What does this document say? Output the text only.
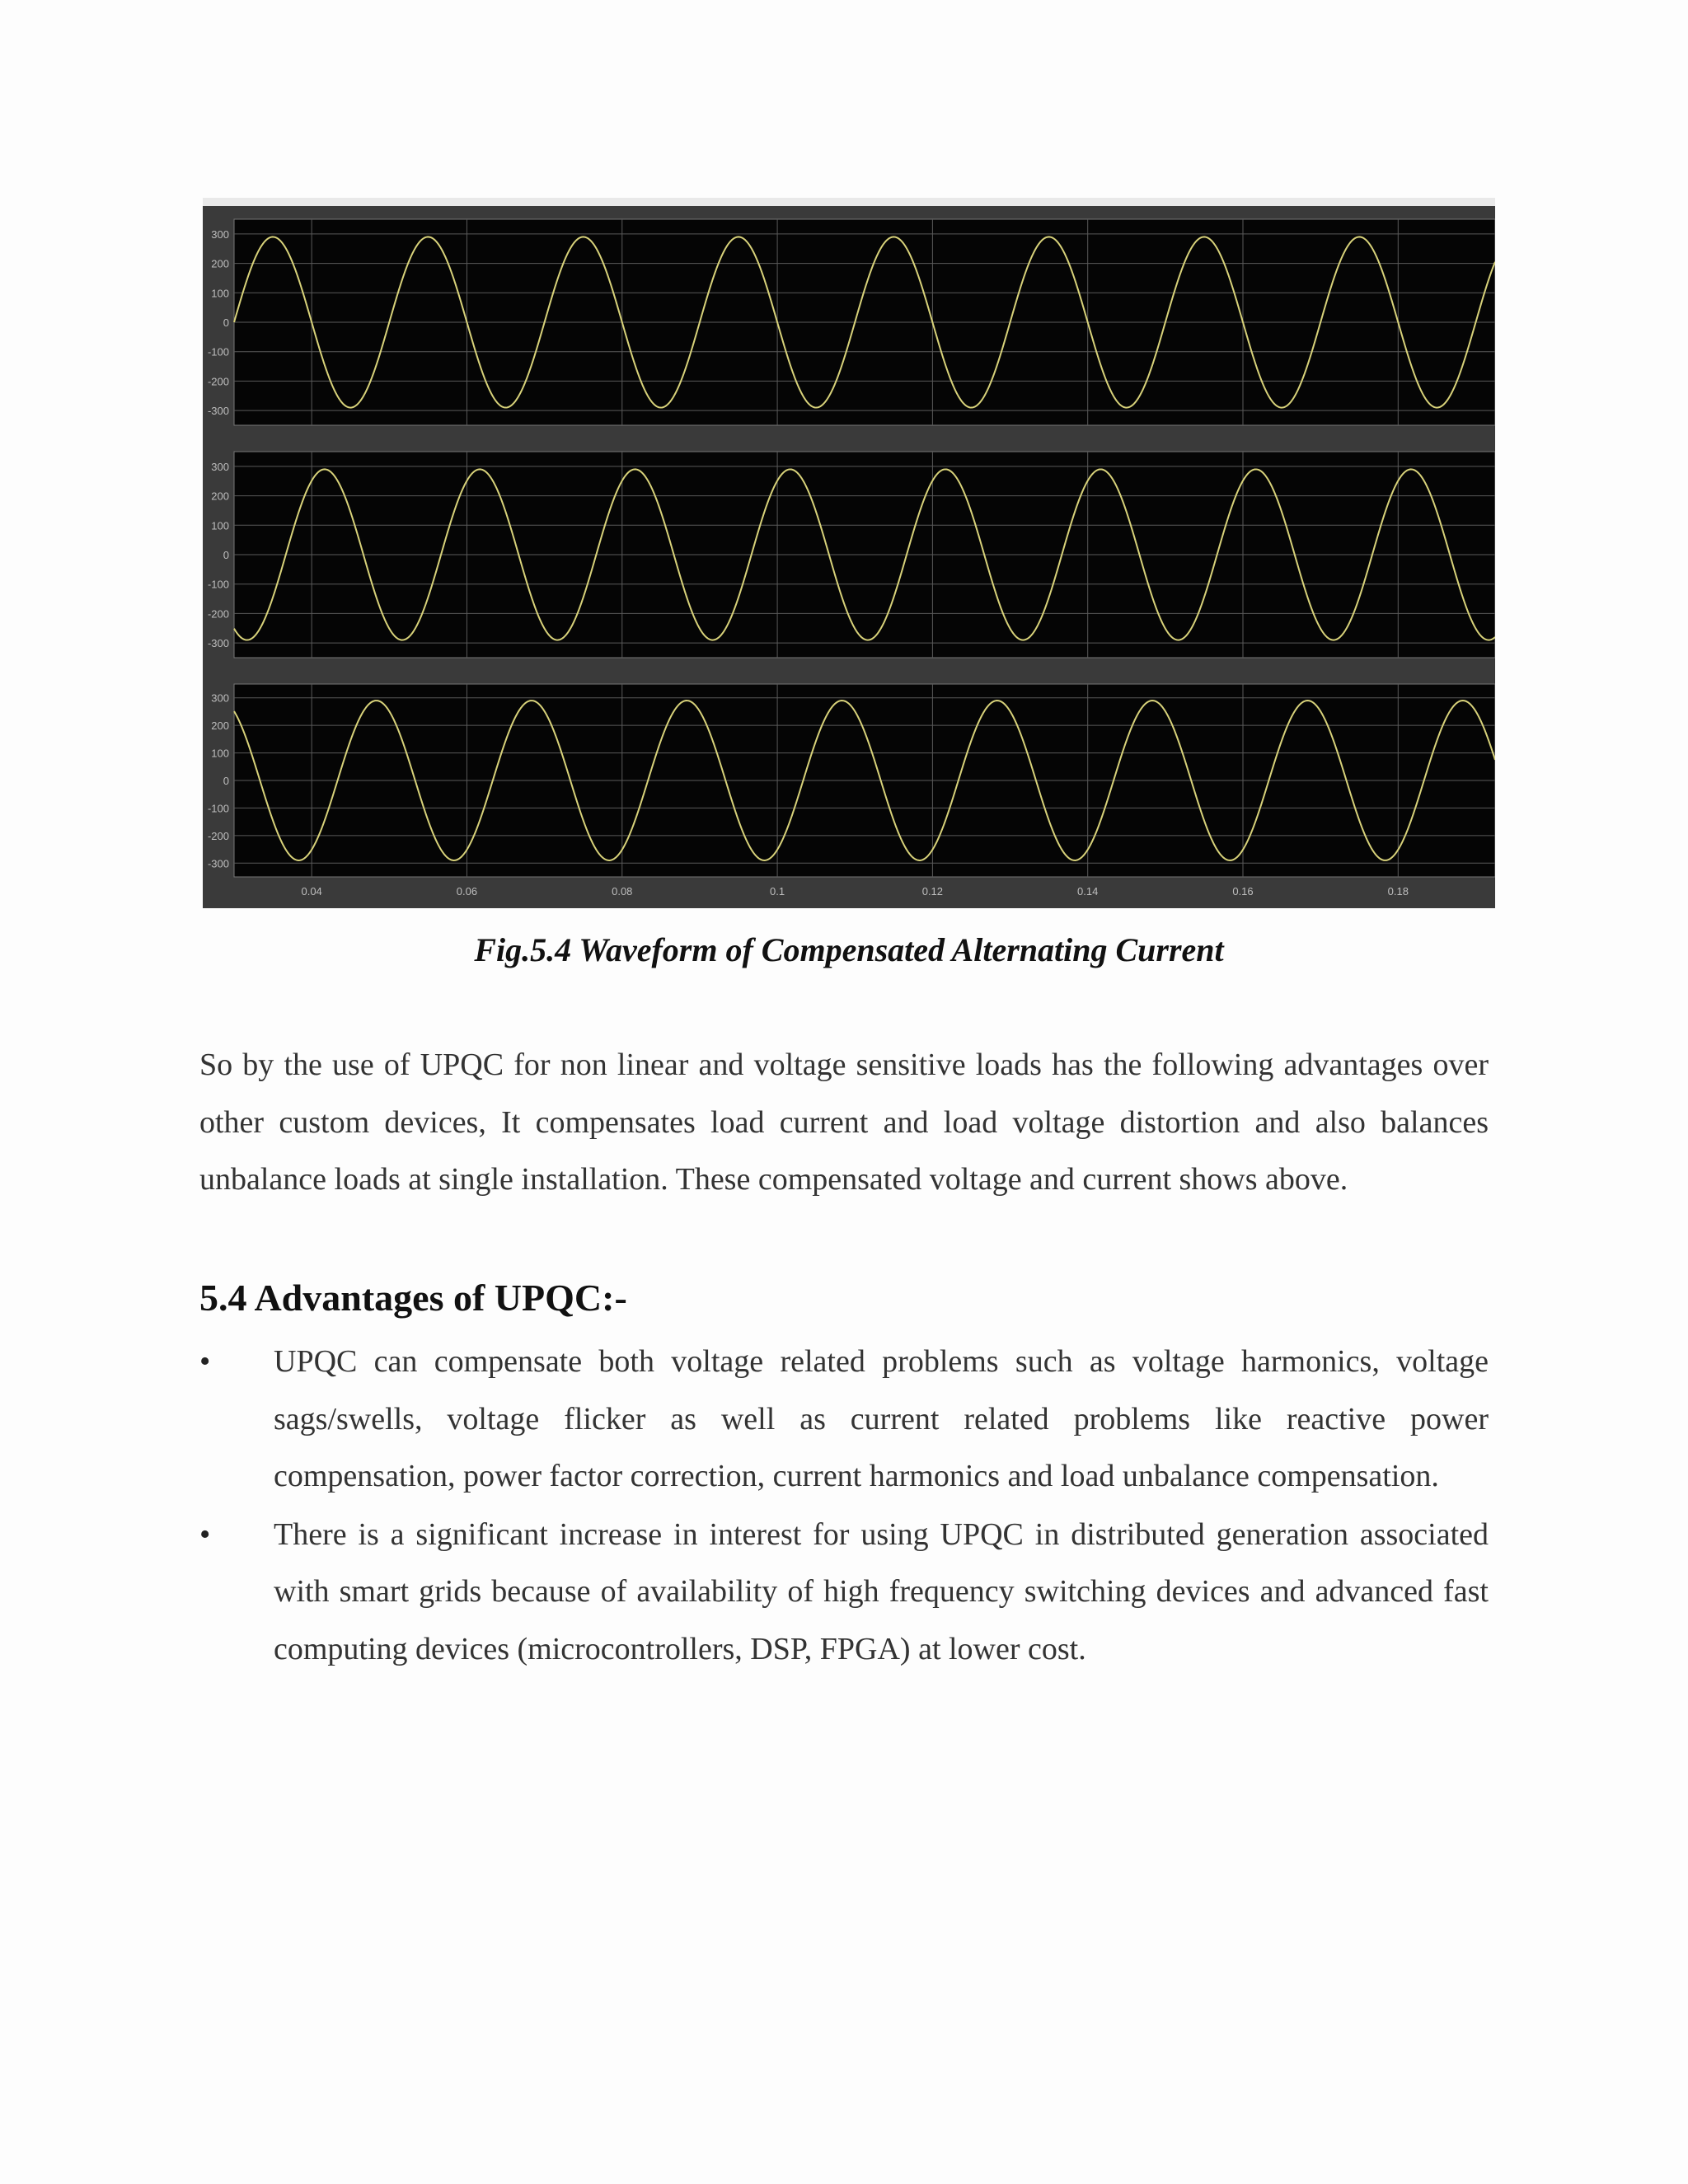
300
200
100
0
-100
-200
-300
300
200
100
0
-100
-200
-300
300
200
100
0
-100
-200
-300
0.04	0.06	0.08	0.1	0.12	0.14	0.16	0.18
Fig.5.4 Waveform of Compensated Alternating Current

So by the use of UPQC for non linear and voltage sensitive loads has the following advantages over other custom devices, It compensates load current and load voltage distortion and also balances unbalance loads at single installation. These compensated voltage and current shows above.

5.4 Advantages of UPQC:-
• UPQC can compensate both voltage related problems such as voltage harmonics, voltage sags/swells, voltage flicker as well as current related problems like reactive power compensation, power factor correction, current harmonics and load unbalance compensation.
• There is a significant increase in interest for using UPQC in distributed generation associated with smart grids because of availability of high frequency switching devices and advanced fast computing devices (microcontrollers, DSP, FPGA) at lower cost.
